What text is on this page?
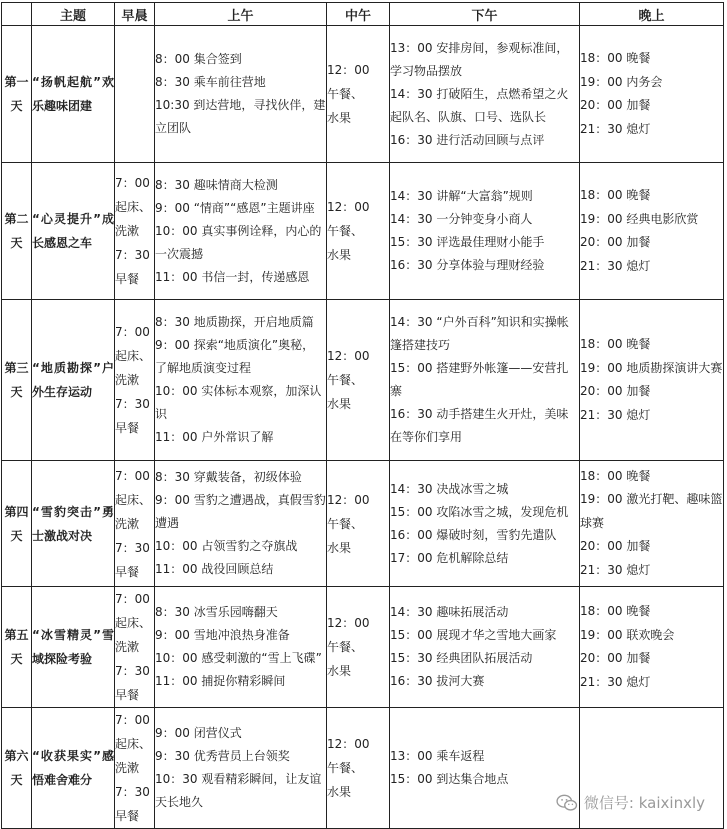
	主题	早晨	上午	中午	下午	晚上
第一天	“扬帆起航”欢乐趣味团建		8：00 集合签到
8：30 乘车前往营地
10:30 到达营地，寻找伙伴，建立团队	12：00
午餐、
水果	13：00 安排房间，参观标准间，学习物品摆放
14：30 打破陌生，点燃希望之火起队名、队旗、口号、选队长
16：30 进行活动回顾与点评	18：00 晚餐
19：00 内务会
20：00 加餐
21：30 熄灯

第二天	“心灵提升”成长感恩之车	7：00
起床、
洗漱
7：30
早餐	8：30 趣味情商大检测
9：00 “情商”“感恩”主题讲座
10：00 真实事例诠释，内心的一次震撼
11：00 书信一封，传递感恩	12：00
午餐、
水果	14：30 讲解“大富翁”规则
14：30 一分钟变身小商人
15：30 评选最佳理财小能手
16：30 分享体验与理财经验	18：00 晚餐
19：00 经典电影欣赏
20：00 加餐
21：30 熄灯

第三天	“地质勘探”户外生存运动	7：00
起床、
洗漱
7：30
早餐	8：30 地质勘探，开启地质篇
9：00 探索“地质演化”奥秘，了解地质演变过程
10：00 实体标本观察，加深认识
11：00 户外常识了解	12：00
午餐、
水果	14：30 “户外百科”知识和实操帐篷搭建技巧
15：00 搭建野外帐篷——安营扎寨
16：30 动手搭建生火开灶，美味在等你们享用	18：00 晚餐
19：00 地质勘探演讲大赛
20：00 加餐
21：30 熄灯

第四天	“雪豹突击”勇士激战对决	7：00
起床、
洗漱
7：30
早餐	8：30 穿戴装备，初级体验
9：00 雪豹之遭遇战，真假雪豹遭遇
10：00 占领雪豹之夺旗战
11：00 战役回顾总结	12：00
午餐、
水果	14：30 决战冰雪之城
15：00 攻陷冰雪之城，发现危机
16：00 爆破时刻，雪豹先遣队
17：00 危机解除总结	18：00 晚餐
19：00 激光打靶、趣味篮球赛
20：00 加餐
21：30 熄灯

第五天	“冰雪精灵”雪域探险考验	7：00
起床、
洗漱
7：30
早餐	8：30 冰雪乐园嗨翻天
9：00 雪地冲浪热身准备
10：00 感受刺激的“雪上飞碟”
11：00 捕捉你精彩瞬间	12：00
午餐、
水果	14：30 趣味拓展活动
15：00 展现才华之雪地大画家
15：30 经典团队拓展活动
16：30 拔河大赛	18：00 晚餐
19：00 联欢晚会
20：00 加餐
21：30 熄灯

第六天	“收获果实”感悟难舍难分	7：00
起床、
洗漱
7：30
早餐	9：00 闭营仪式
9：30 优秀营员上台领奖
10：30 观看精彩瞬间，让友谊天长地久	12：00
午餐、
水果	13：00 乘车返程
15：00 到达集合地点	

微信号: kaixinxly
